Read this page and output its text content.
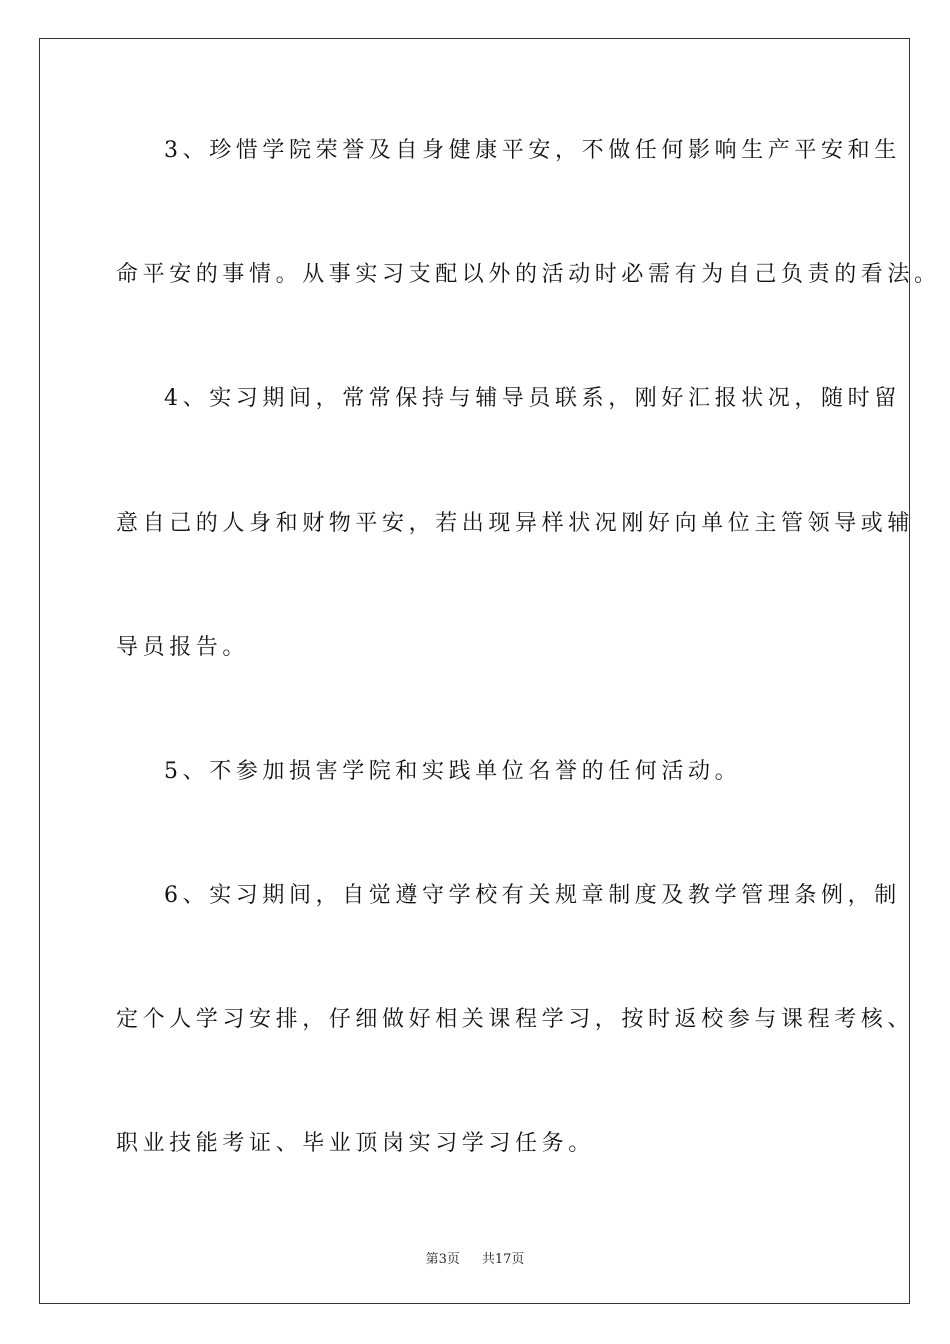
3、珍惜学院荣誉及自身健康平安，不做任何影响生产平安和生
命平安的事情。从事实习支配以外的活动时必需有为自己负责的看法。
4、实习期间，常常保持与辅导员联系，刚好汇报状况，随时留
意自己的人身和财物平安，若出现异样状况刚好向单位主管领导或辅
导员报告。
5、不参加损害学院和实践单位名誉的任何活动。
6、实习期间，自觉遵守学校有关规章制度及教学管理条例，制
定个人学习安排，仔细做好相关课程学习，按时返校参与课程考核、
职业技能考证、毕业顶岗实习学习任务。
第3页 共17页
